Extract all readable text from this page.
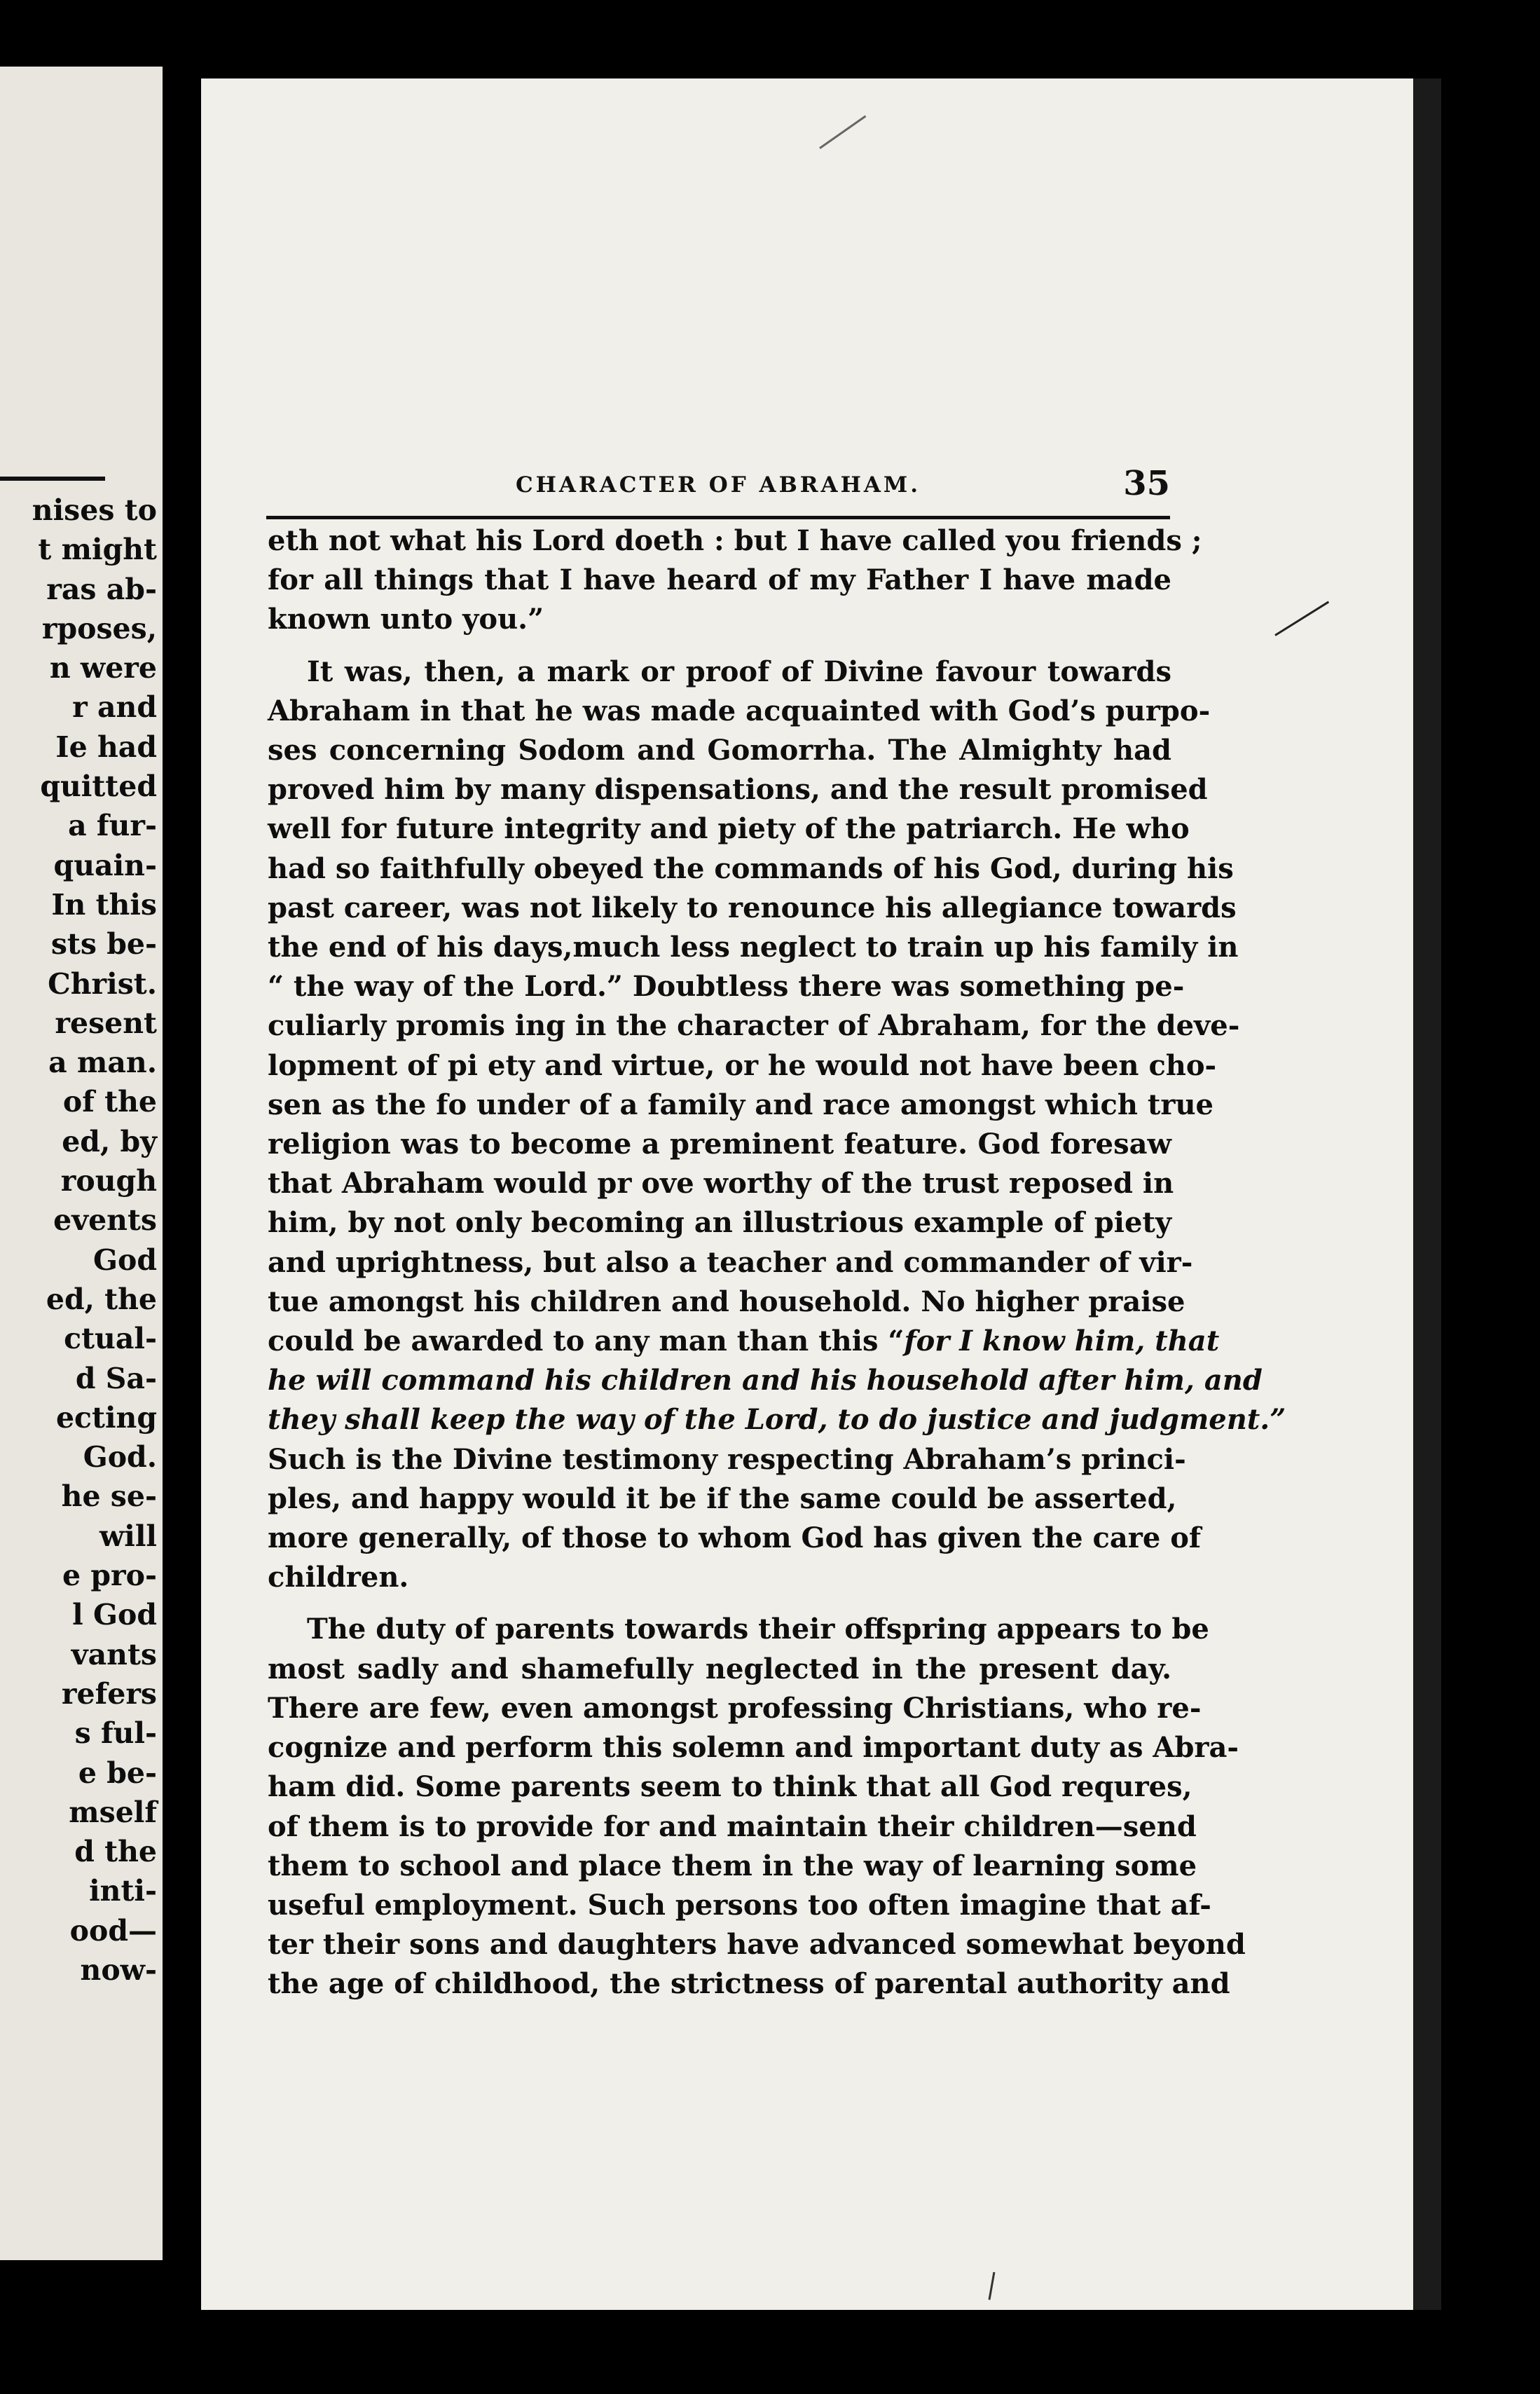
nises to
t might
ras ab-
rposes,
n were
r and
Ie had
quitted
a fur-
quain-
In this
sts be-
Christ.
resent
a man.
of the
ed, by
rough
events
God
ed, the
ctual-
d Sa-
ecting
God.
he se-
will
e pro-
l God
vants
refers
s ful-
e be-
mself
d the
inti-
ood—
now-
CHARACTER OF ABRAHAM.	35

eth not what his Lord doeth : but I have called you friends ;
for all things that I have heard of my Father I have made
known unto you.”

It was, then, a mark or proof of Divine favour towards
Abraham in that he was made acquainted with God’s purpo-
ses concerning Sodom and Gomorrha. The Almighty had
proved him by many dispensations, and the result promised
well for future integrity and piety of the patriarch. He who
had so faithfully obeyed the commands of his God, during his
past career, was not likely to renounce his allegiance towards
the end of his days,much less neglect to train up his family in
“ the way of the Lord.” Doubtless there was something pe-
culiarly promis ing in the character of Abraham, for the deve-
lopment of pi ety and virtue, or he would not have been cho-
sen as the fo under of a family and race amongst which true
religion was to become a preminent feature. God foresaw
that Abraham would pr ove worthy of the trust reposed in
him, by not only becoming an illustrious example of piety
and uprightness, but also a teacher and commander of vir-
tue amongst his children and household. No higher praise
could be awarded to any man than this “for I know him, that
he will command his children and his household after him, and
they shall keep the way of the Lord, to do justice and judgment.”
Such is the Divine testimony respecting Abraham’s princi-
ples, and happy would it be if the same could be asserted,
more generally, of those to whom God has given the care of
children.

The duty of parents towards their offspring appears to be
most sadly and shamefully neglected in the present day.
There are few, even amongst professing Christians, who re-
cognize and perform this solemn and important duty as Abra-
ham did. Some parents seem to think that all God requres,
of them is to provide for and maintain their children—send
them to school and place them in the way of learning some
useful employment. Such persons too often imagine that af-
ter their sons and daughters have advanced somewhat beyond
the age of childhood, the strictness of parental authority and
